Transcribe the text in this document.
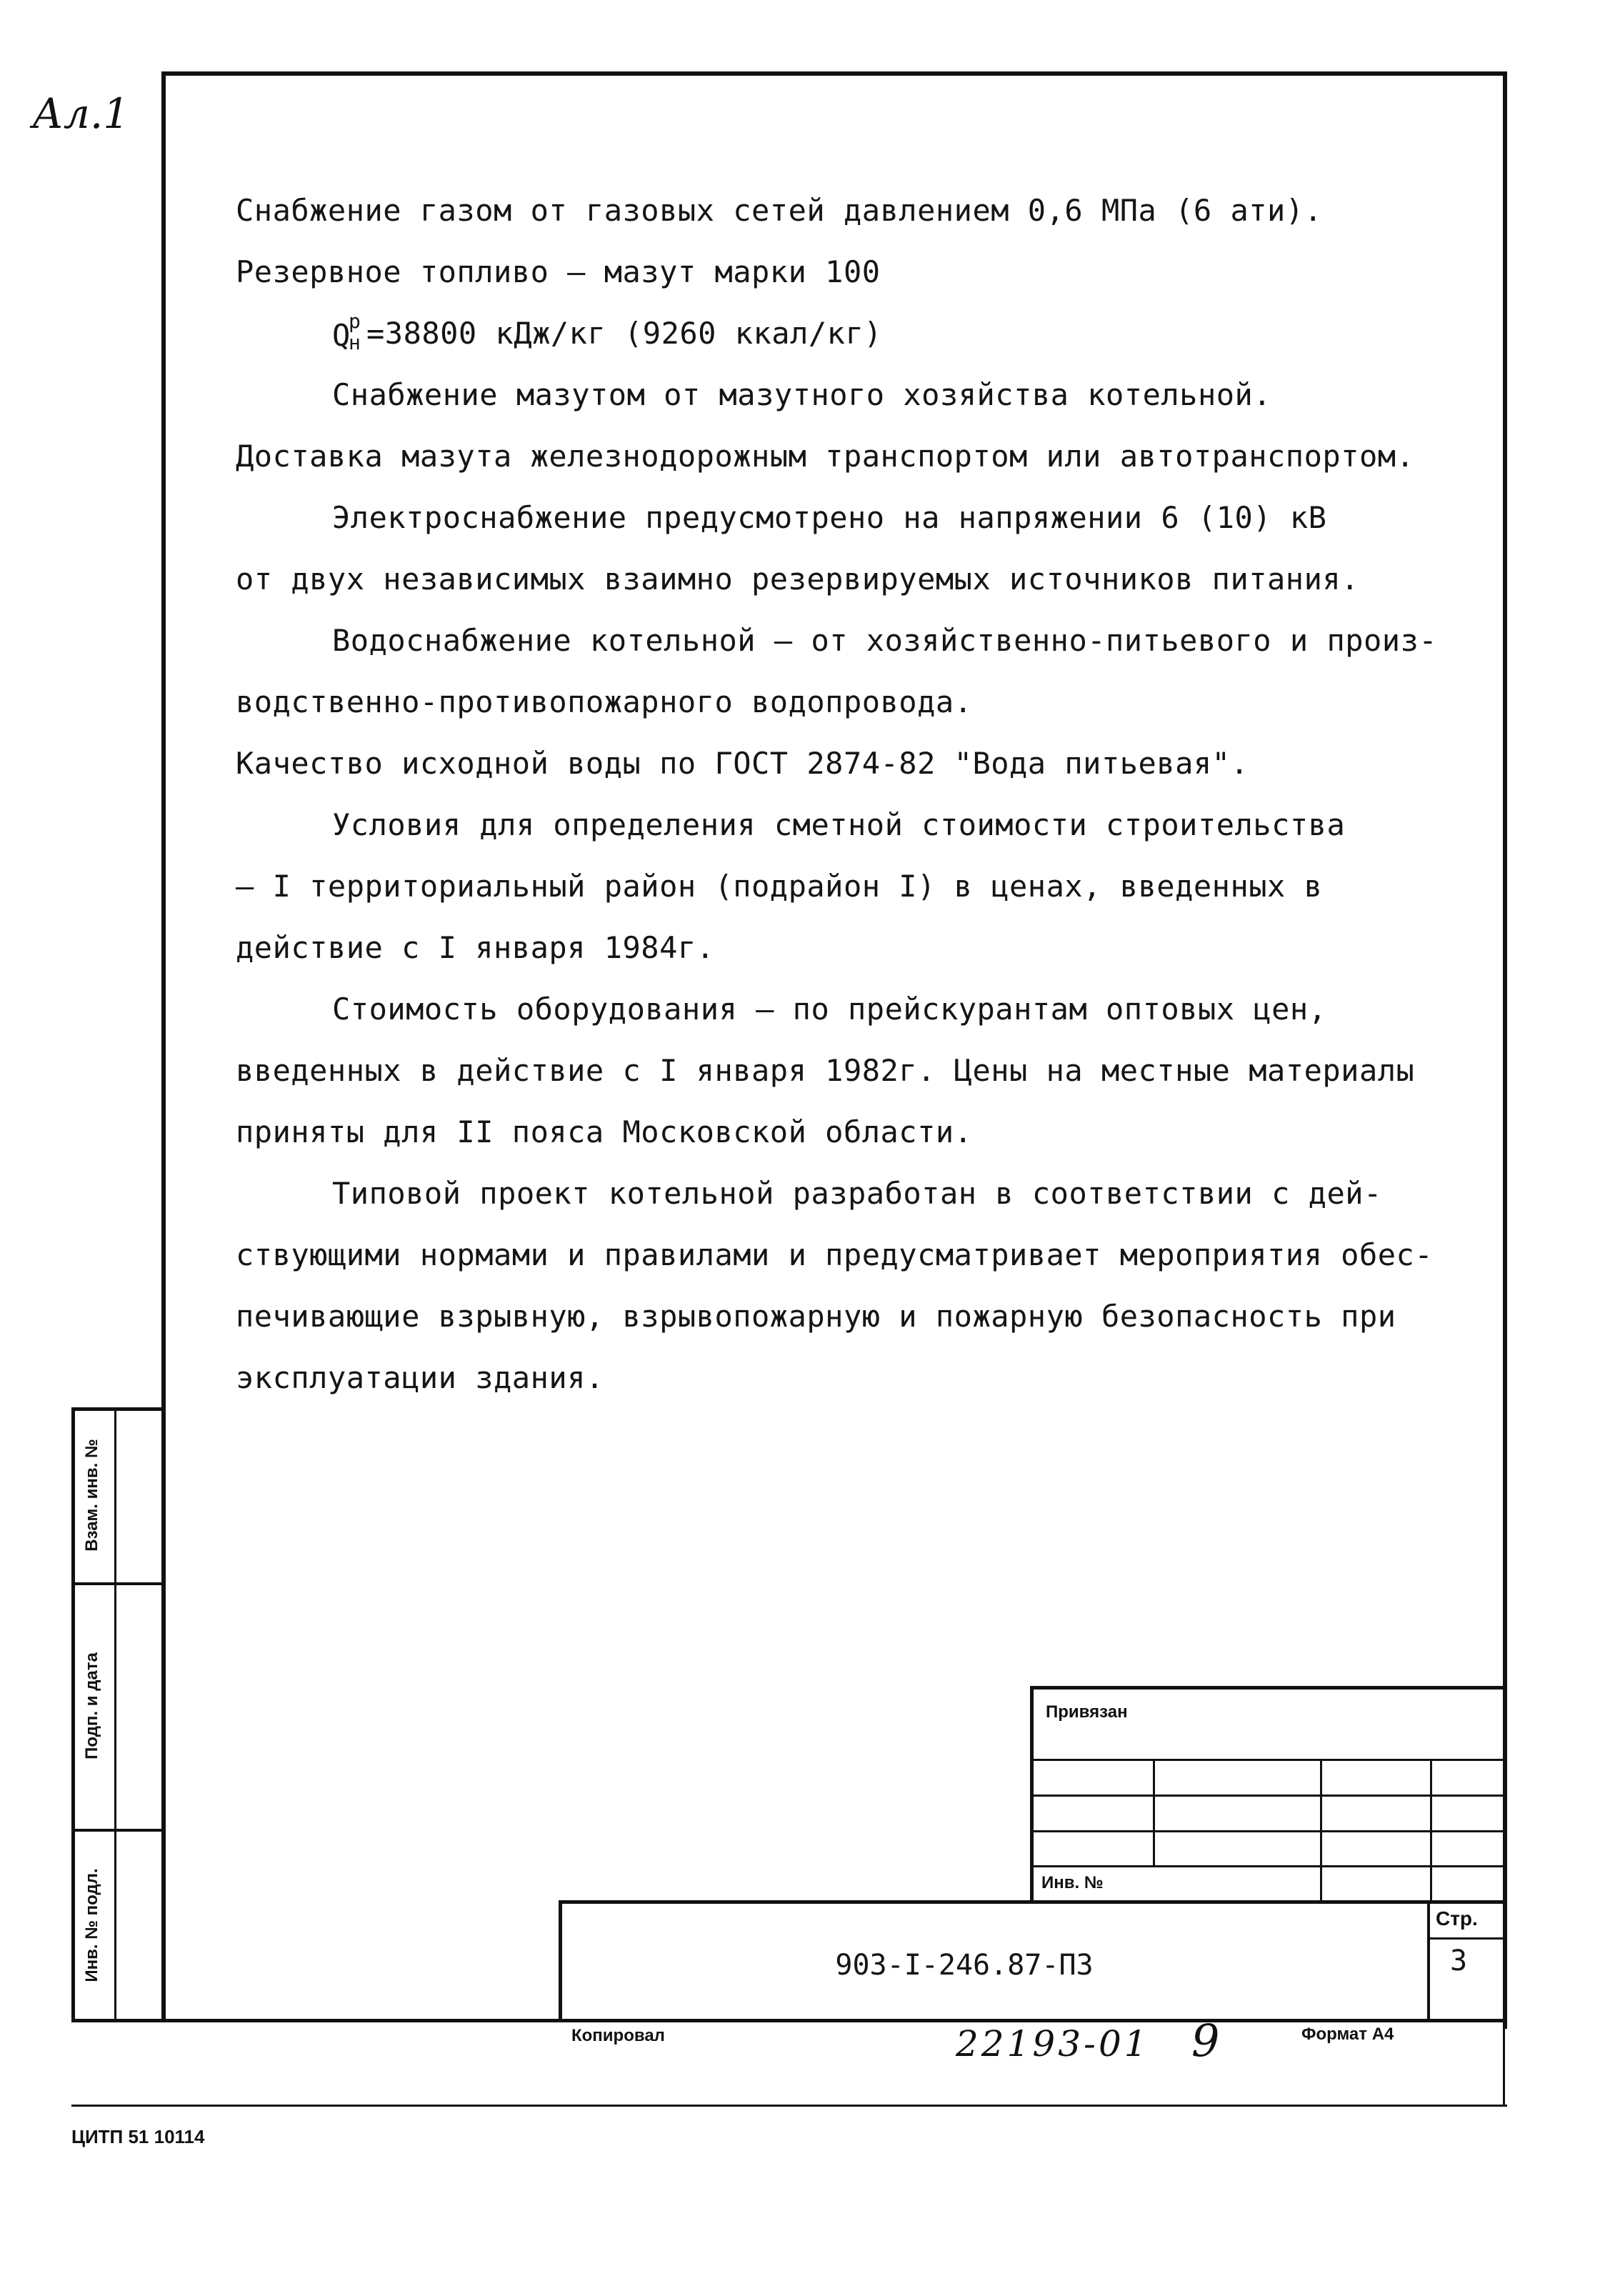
Ал.1
Снабжение газом от газовых сетей давлением 0,6 МПа (6 ати).
Резервное топливо – мазут марки 100
Q
р
н =38800 кДж/кг (9260 ккал/кг)
Снабжение мазутом от мазутного хозяйства котельной.
Доставка мазута железнодорожным транспортом или автотранспортом.
Электроснабжение предусмотрено на напряжении 6 (10) кВ
от двух независимых взаимно резервируемых источников питания.
Водоснабжение котельной – от хозяйственно-питьевого и произ-
водственно-противопожарного водопровода.
Качество исходной воды по ГОСТ 2874-82 "Вода питьевая".
Условия для определения сметной стоимости строительства
– I территориальный район (подрайон I) в ценах, введенных в
действие с I января 1984г.
Стоимость оборудования – по прейскурантам оптовых цен,
введенных в действие с I января 1982г. Цены на местные материалы
приняты для II пояса Московской области.
Типовой проект котельной разработан в соответствии с дей-
ствующими нормами и правилами и предусматривает мероприятия обес-
печивающие взрывную, взрывопожарную и пожарную безопасность при
эксплуатации здания.
Взам. инв. №
Подп. и дата
Инв. № подл.
Привязан
Инв. №
903-I-246.87-ПЗ
Стр.
3
Копировал	22193-01 9	Формат А4
ЦИТП 51 10114
